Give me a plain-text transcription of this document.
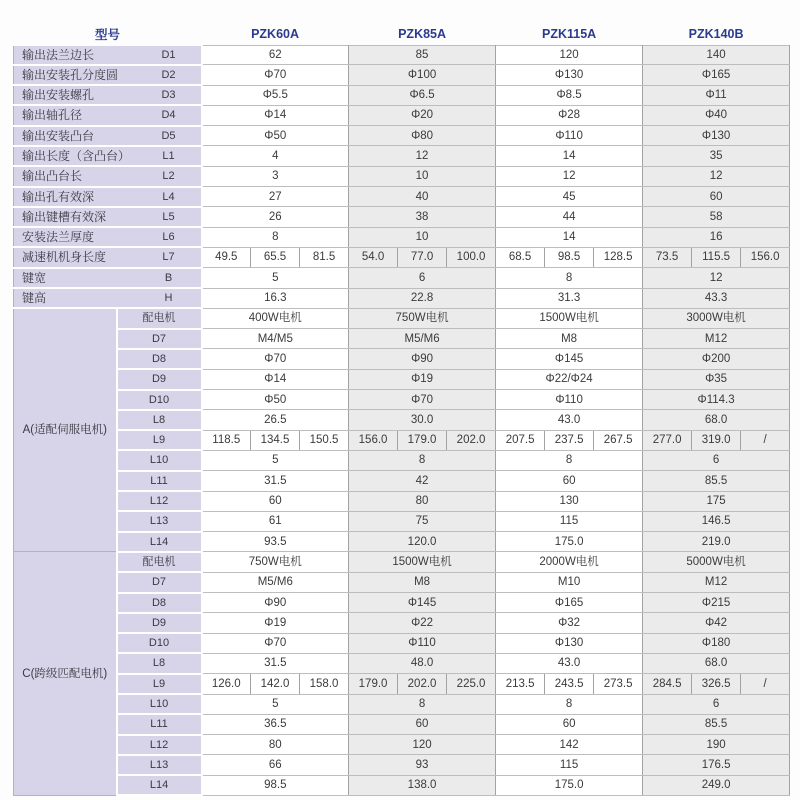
型号		PZK60A			PZK85A			PZK115A			PZK140B		

输出法兰边长 D1		62			85			120			140		

输出安装孔分度圆 D2		Φ70			Φ100			Φ130			Φ165		

输出安装螺孔 D3		Φ5.5			Φ6.5			Φ8.5			Φ11		

输出轴孔径 D4		Φ14			Φ20			Φ28			Φ40		

输出安装凸台 D5		Φ50			Φ80			Φ110			Φ130		

输出长度（含凸台） L1		4			12			14			35		

输出凸台长 L2		3			10			12			12		

输出孔有效深 L4		27			40			45			60		

输出键槽有效深 L5		26			38			44			58		

安装法兰厚度 L6		8			10			14			16		

减速机机身长度 L7		49.5	65.5	81.5	54.0	77.0	100.0	68.5	98.5	128.5	73.5	115.5	156.0

键宽 B		5			6			8			12		

键高 H		16.3			22.8			31.3			43.3		
A(适配伺服电机)	配电机	400W电机			750W电机			1500W电机			3000W电机		
	D7	M4/M5			M5/M6			M8			M12		
	D8	Φ70			Φ90			Φ145			Φ200		
	D9	Φ14			Φ19			Φ22/Φ24			Φ35		
	D10	Φ50			Φ70			Φ110			Φ114.3		
	L8	26.5			30.0			43.0			68.0		
	L9	118.5	134.5	150.5	156.0	179.0	202.0	207.5	237.5	267.5	277.0	319.0	/
	L10	5			8			8			6		
	L11	31.5			42			60			85.5		
	L12	60			80			130			175		
	L13	61			75			115			146.5		
	L14	93.5			120.0			175.0			219.0		
C(跨级匹配电机)	配电机	750W电机			1500W电机			2000W电机			5000W电机		
	D7	M5/M6			M8			M10			M12		
	D8	Φ90			Φ145			Φ165			Φ215		
	D9	Φ19			Φ22			Φ32			Φ42		
	D10	Φ70			Φ110			Φ130			Φ180		
	L8	31.5			48.0			43.0			68.0		
	L9	126.0	142.0	158.0	179.0	202.0	225.0	213.5	243.5	273.5	284.5	326.5	/
	L10	5			8			8			6		
	L11	36.5			60			60			85.5		
	L12	80			120			142			190		
	L13	66			93			115			176.5		
	L14	98.5			138.0			175.0			249.0		
